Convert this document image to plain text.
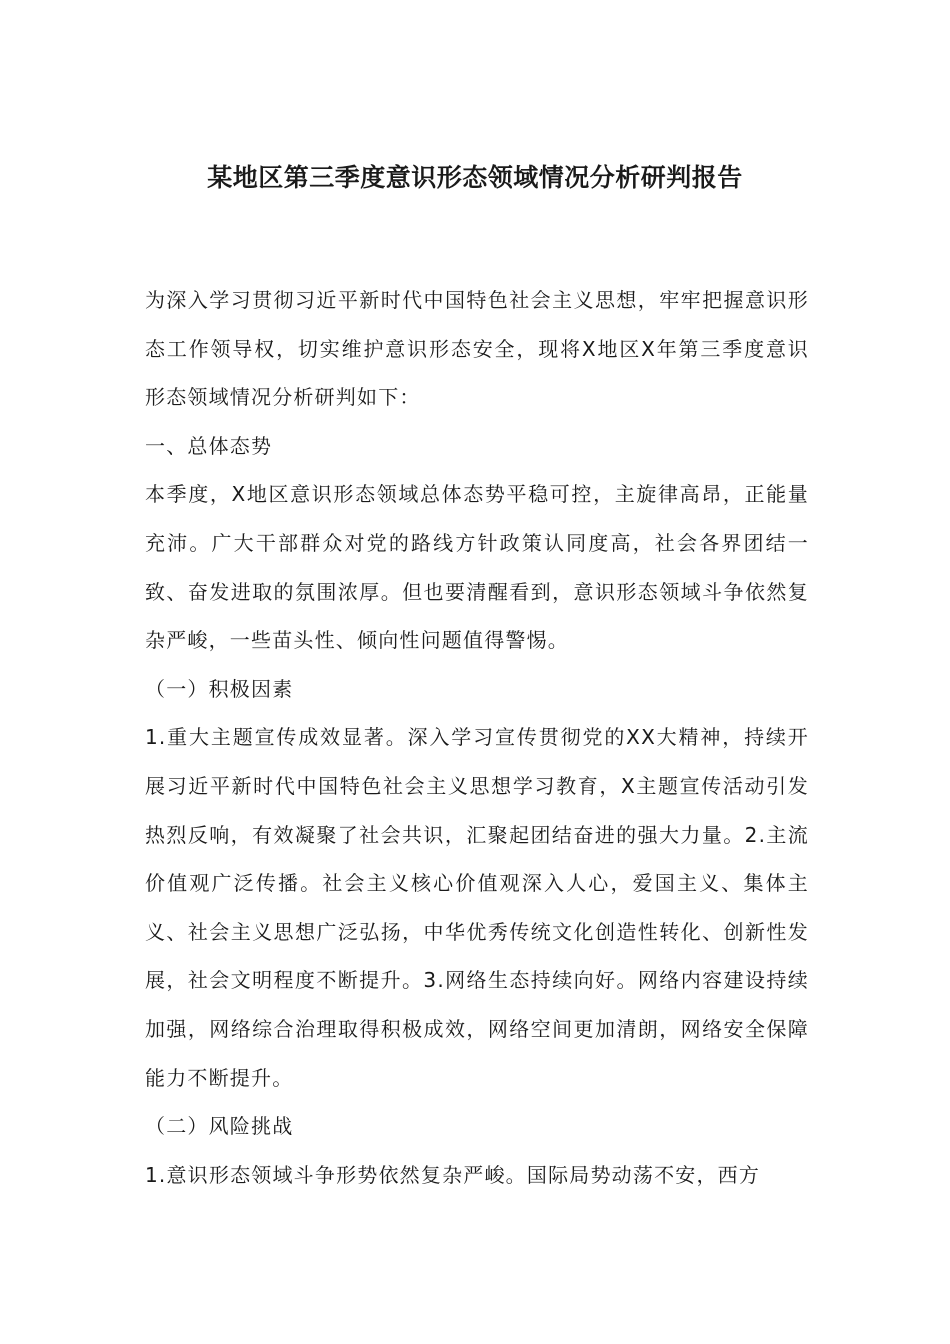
某地区第三季度意识形态领域情况分析研判报告

为深入学习贯彻习近平新时代中国特色社会主义思想，牢牢把握意识形态工作领导权，切实维护意识形态安全，现将X地区X年第三季度意识形态领域情况分析研判如下：

一、总体态势

本季度，X地区意识形态领域总体态势平稳可控，主旋律高昂，正能量充沛。广大干部群众对党的路线方针政策认同度高，社会各界团结一致、奋发进取的氛围浓厚。但也要清醒看到，意识形态领域斗争依然复杂严峻，一些苗头性、倾向性问题值得警惕。

（一）积极因素

1.重大主题宣传成效显著。深入学习宣传贯彻党的XX大精神，持续开展习近平新时代中国特色社会主义思想学习教育，X主题宣传活动引发热烈反响，有效凝聚了社会共识，汇聚起团结奋进的强大力量。2.主流价值观广泛传播。社会主义核心价值观深入人心，爱国主义、集体主义、社会主义思想广泛弘扬，中华优秀传统文化创造性转化、创新性发展，社会文明程度不断提升。3.网络生态持续向好。网络内容建设持续加强，网络综合治理取得积极成效，网络空间更加清朗，网络安全保障能力不断提升。

（二）风险挑战

1.意识形态领域斗争形势依然复杂严峻。国际局势动荡不安，西方
